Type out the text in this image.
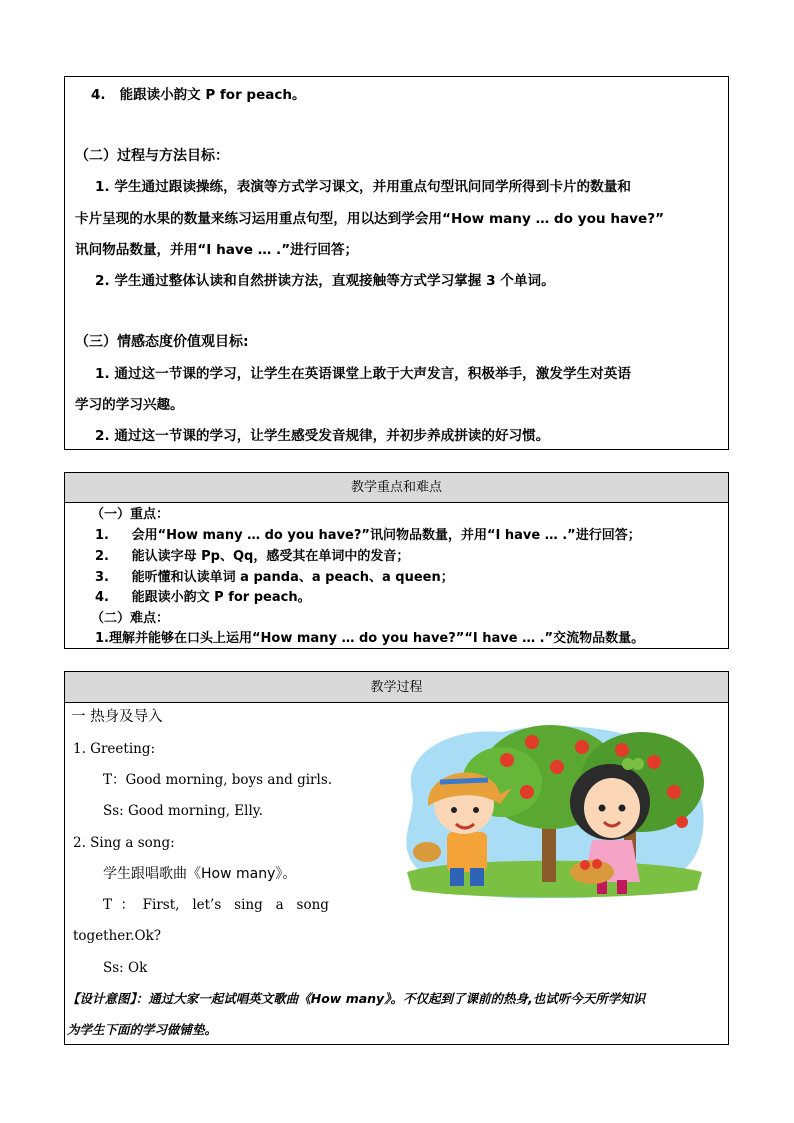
4.   能跟读小韵文 P for peach。
（二）过程与方法目标：
1. 学生通过跟读操练，表演等方式学习课文，并用重点句型讯问同学所得到卡片的数量和
卡片呈现的水果的数量来练习运用重点句型，用以达到学会用“How many … do you have?”
讯问物品数量，并用“I have … .”进行回答；
2. 学生通过整体认读和自然拼读方法，直观接触等方式学习掌握 3 个单词。
（三）情感态度价值观目标:
1. 通过这一节课的学习，让学生在英语课堂上敢于大声发言，积极举手，激发学生对英语
学习的学习兴趣。
2. 通过这一节课的学习，让学生感受发音规律，并初步养成拼读的好习惯。
教学重点和难点
（一）重点：
1.     会用“How many … do you have?”讯问物品数量，并用“I have … .”进行回答；
2.     能认读字母 Pp、Qq，感受其在单词中的发音；
3.     能听懂和认读单词 a panda、a peach、a queen；
4.     能跟读小韵文 P for peach。
（二）难点：
1.理解并能够在口头上运用“How many … do you have?”“I have … .”交流物品数量。
教学过程
一 热身及导入
1. Greeting:
T：Good morning, boys and girls.
Ss: Good morning, Elly.
2. Sing a song:
学生跟唱歌曲《How many》。
T  ：  First,   let’s   sing   a   song
together.Ok?
Ss: Ok
【设计意图】：通过大家一起试唱英文歌曲《How many》。不仅起到了课前的热身,也试听今天所学知识
为学生下面的学习做铺垫。
